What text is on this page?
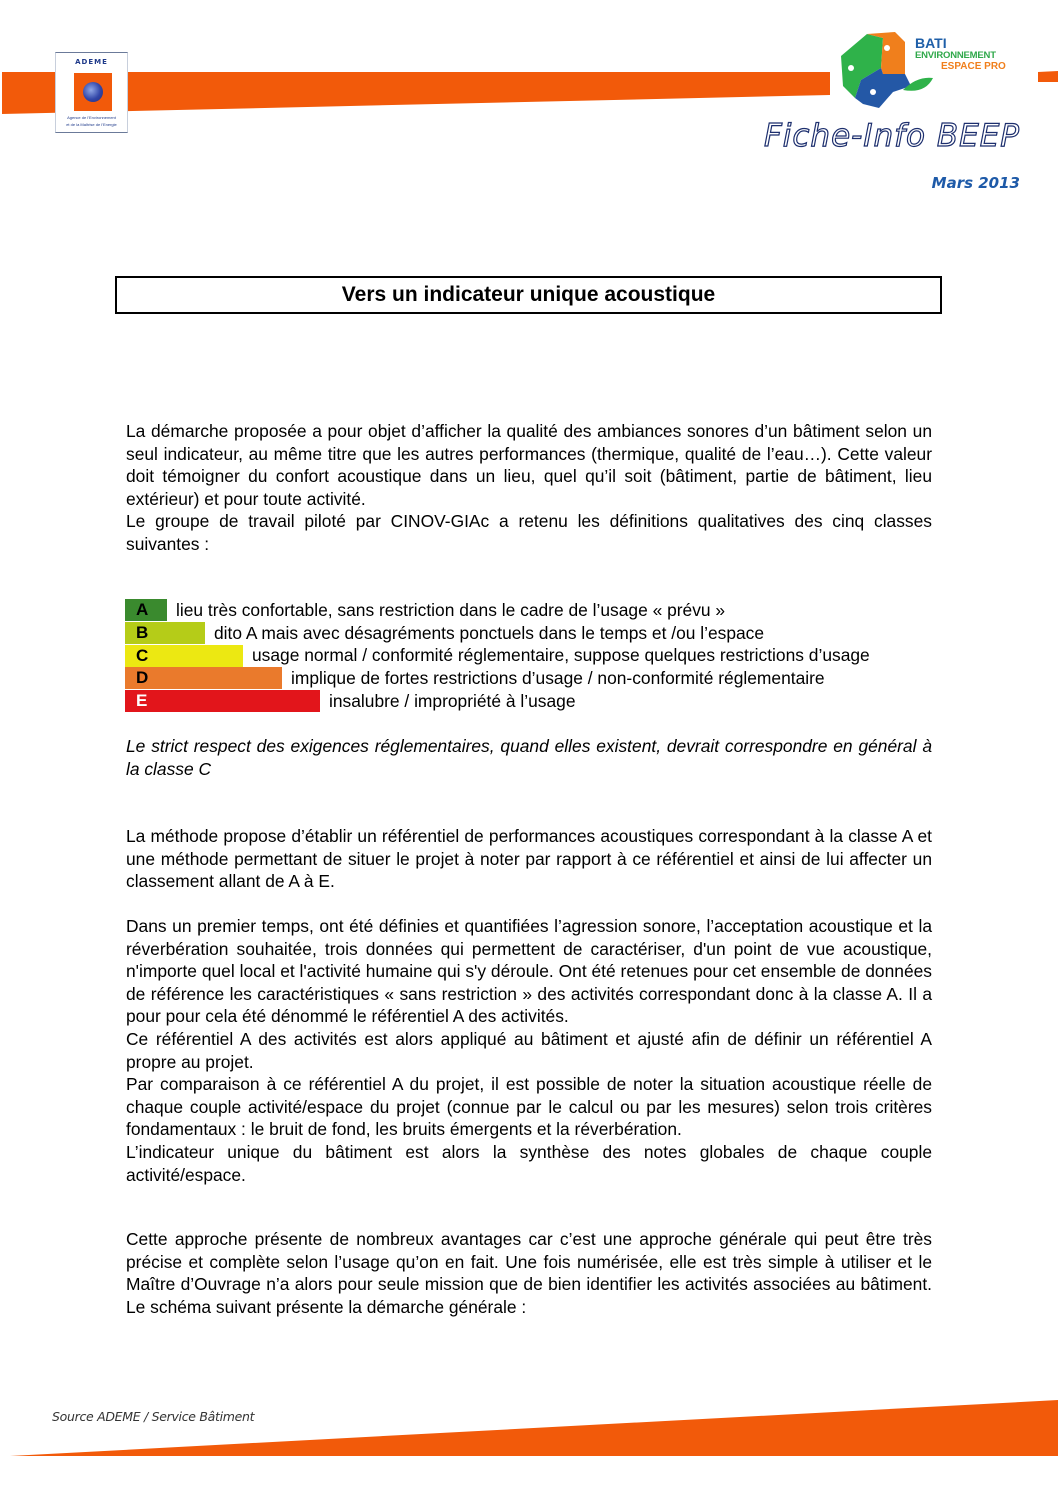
ADEME
Agence de l'Environnement
et de la Maîtrise de l'Energie
BATI
ENVIRONNEMENT
ESPACE PRO
Fiche-Info BEEP
Mars 2013
Vers un indicateur unique acoustique

La démarche proposée a pour objet d’afficher la qualité des ambiances sonores d’un bâtiment selon un seul indicateur, au même titre que les autres performances (thermique, qualité de l’eau…). Cette valeur doit témoigner du confort acoustique dans un lieu, quel qu’il soit (bâtiment, partie de bâtiment, lieu extérieur) et pour toute activité.

Le groupe de travail piloté par CINOV-GIAc a retenu les définitions qualitatives des cinq classes suivantes :

A	lieu très confortable, sans restriction dans le cadre de l’usage « prévu »
B	dito A mais avec désagréments ponctuels dans le temps et /ou l’espace
C	usage normal / conformité réglementaire, suppose quelques restrictions d’usage
D	implique de fortes restrictions d’usage / non-conformité réglementaire
E	insalubre / impropriété à l’usage
Le strict respect des exigences réglementaires, quand elles existent, devrait correspondre en général à la classe C
La méthode propose d’établir un référentiel de performances acoustiques correspondant à la classe A et une méthode permettant de situer le projet à noter par rapport à ce référentiel et ainsi de lui affecter un classement allant de A à E.

Dans un premier temps, ont été définies et quantifiées l’agression sonore, l’acceptation acoustique et la réverbération souhaitée, trois données qui permettent de caractériser, d'un point de vue acoustique, n'importe quel local et l'activité humaine qui s'y déroule. Ont été retenues pour cet ensemble de données de référence les caractéristiques « sans restriction » des activités correspondant donc à la classe A. Il a pour pour cela été dénommé le référentiel A des activités.

Ce référentiel A des activités est alors appliqué au bâtiment et ajusté afin de définir un référentiel A propre au projet.

Par comparaison à ce référentiel A du projet, il est possible de noter la situation acoustique réelle de chaque couple activité/espace du projet (connue par le calcul ou par les mesures) selon trois critères fondamentaux : le bruit de fond, les bruits émergents et la réverbération.

L’indicateur unique du bâtiment est alors la synthèse des notes globales de chaque couple activité/espace.

Cette approche présente de nombreux avantages car c’est une approche générale qui peut être très précise et complète selon l’usage qu’on en fait. Une fois numérisée, elle est très simple à utiliser et le Maître d’Ouvrage n’a alors pour seule mission que de bien identifier les activités associées au bâtiment. Le schéma suivant présente la démarche générale :
Source ADEME / Service Bâtiment
